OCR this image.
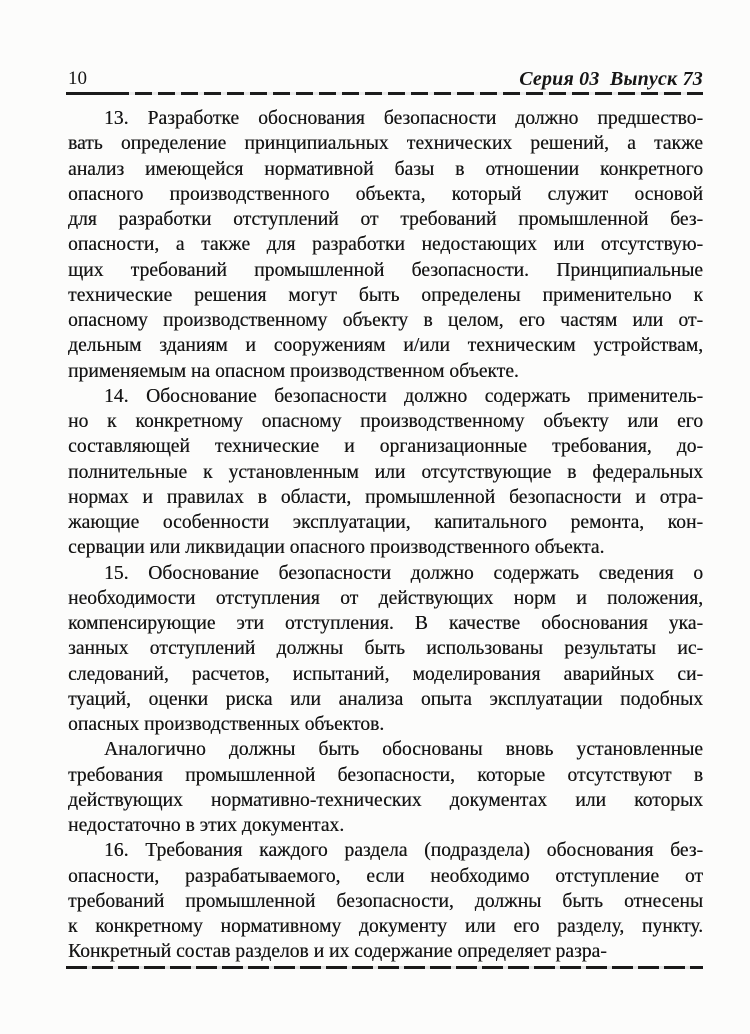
10	Серия 03  Выпуск 73

13. Разработке обоснования безопасности должно предшество-
вать определение принципиальных технических решений, а также
анализ имеющейся нормативной базы в отношении конкретного
опасного производственного объекта, который служит основой
для разработки отступлений от требований промышленной без-
опасности, а также для разработки недостающих или отсутствую-
щих требований промышленной безопасности. Принципиальные
технические решения могут быть определены применительно к
опасному производственному объекту в целом, его частям или от-
дельным зданиям и сооружениям и/или техническим устройствам,
применяемым на опасном производственном объекте.

14. Обоснование безопасности должно содержать применитель-
но к конкретному опасному производственному объекту или его
составляющей технические и организационные требования, до-
полнительные к установленным или отсутствующие в федеральных
нормах и правилах в области, промышленной безопасности и отра-
жающие особенности эксплуатации, капитального ремонта, кон-
сервации или ликвидации опасного производственного объекта.

15. Обоснование безопасности должно содержать сведения о
необходимости отступления от действующих норм и положения,
компенсирующие эти отступления. В качестве обоснования ука-
занных отступлений должны быть использованы результаты ис-
следований, расчетов, испытаний, моделирования аварийных си-
туаций, оценки риска или анализа опыта эксплуатации подобных
опасных производственных объектов.

Аналогично должны быть обоснованы вновь установленные
требования промышленной безопасности, которые отсутствуют в
действующих нормативно-технических документах или которых
недостаточно в этих документах.

16. Требования каждого раздела (подраздела) обоснования без-
опасности, разрабатываемого, если необходимо отступление от
требований промышленной безопасности, должны быть отнесены
к конкретному нормативному документу или его разделу, пункту.
Конкретный состав разделов и их содержание определяет разра-
